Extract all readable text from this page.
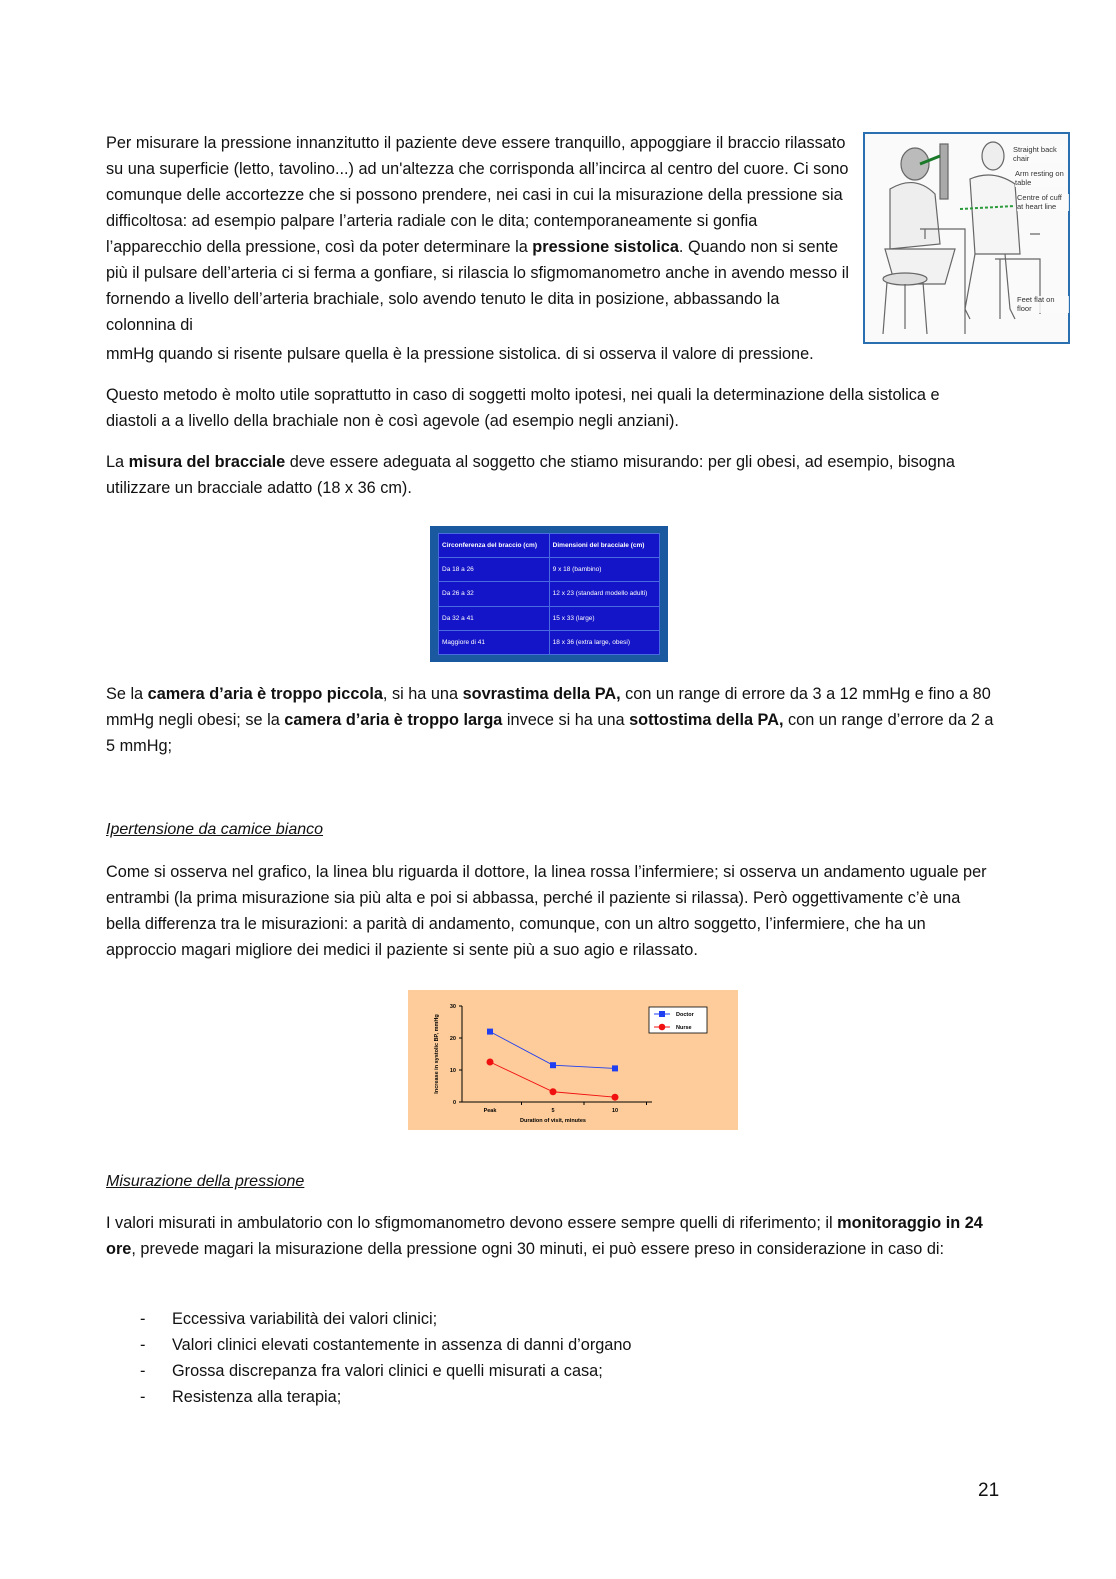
Per misurare la pressione innanzitutto il paziente deve essere tranquillo, appoggiare il braccio rilassato su una superficie (letto, tavolino...) ad un'altezza che corrisponda all’incirca al centro del cuore. Ci sono comunque delle accortezze che si possono prendere, nei casi in cui la misurazione della pressione sia difficoltosa: ad esempio palpare l’arteria radiale con le dita; contemporaneamente si gonfia l’apparecchio della pressione, così da poter determinare la pressione sistolica. Quando non si sente più il pulsare dell’arteria ci si ferma a gonfiare, si rilascia lo sfigmomanometro anche in avendo messo il fornendo a livello dell’arteria brachiale, solo avendo tenuto le dita in posizione, abbassando la colonnina di
mmHg quando si risente pulsare quella è la pressione sistolica. di si osserva il valore di pressione.
Straight back chair
Arm resting on table
Centre of cuff at heart line
Feet flat on floor
Questo metodo è molto utile soprattutto in caso di soggetti molto ipotesi, nei quali la determinazione della sistolica e diastoli a a livello della brachiale non è così agevole (ad esempio negli anziani).
La misura del bracciale deve essere adeguata al soggetto che stiamo misurando: per gli obesi, ad esempio, bisogna utilizzare un bracciale adatto (18 x 36 cm).
Circonferenza del braccio (cm)	Dimensioni del bracciale (cm)
Da 18 a 26	9 x 18 (bambino)
Da 26 a 32	12 x 23 (standard modello adulti)
Da 32 a 41	15 x 33 (large)
Maggiore di 41	18 x 36 (extra large, obesi)
Se la camera d’aria è troppo piccola, si ha una sovrastima della PA, con un range di errore da 3 a 12 mmHg e fino a 80 mmHg negli obesi; se la camera d’aria è troppo larga invece si ha una sottostima della PA, con un range d’errore da 2 a 5 mmHg;
Ipertensione da camice bianco
Come si osserva nel grafico, la linea blu riguarda il dottore, la linea rossa l’infermiere; si osserva un andamento uguale per entrambi (la prima misurazione sia più alta e poi si abbassa, perché il paziente si rilassa). Però oggettivamente c’è una bella differenza tra le misurazioni: a parità di andamento, comunque, con un altro soggetto, l’infermiere, che ha un approccio magari migliore dei medici il paziente si sente più a suo agio e rilassato.
Increase in systolic BP, mmHg
Duration of visit, minutes
Doctor
Nurse
0
10
20
30
Peak	5	10
Misurazione della pressione
I valori misurati in ambulatorio con lo sfigmomanometro devono essere sempre quelli di riferimento; il monitoraggio in 24 ore, prevede magari la misurazione della pressione ogni 30 minuti, ei può essere preso in considerazione in caso di:
- Eccessiva variabilità dei valori clinici;
- Valori clinici elevati costantemente in assenza di danni d’organo
- Grossa discrepanza fra valori clinici e quelli misurati a casa;
- Resistenza alla terapia;
21
